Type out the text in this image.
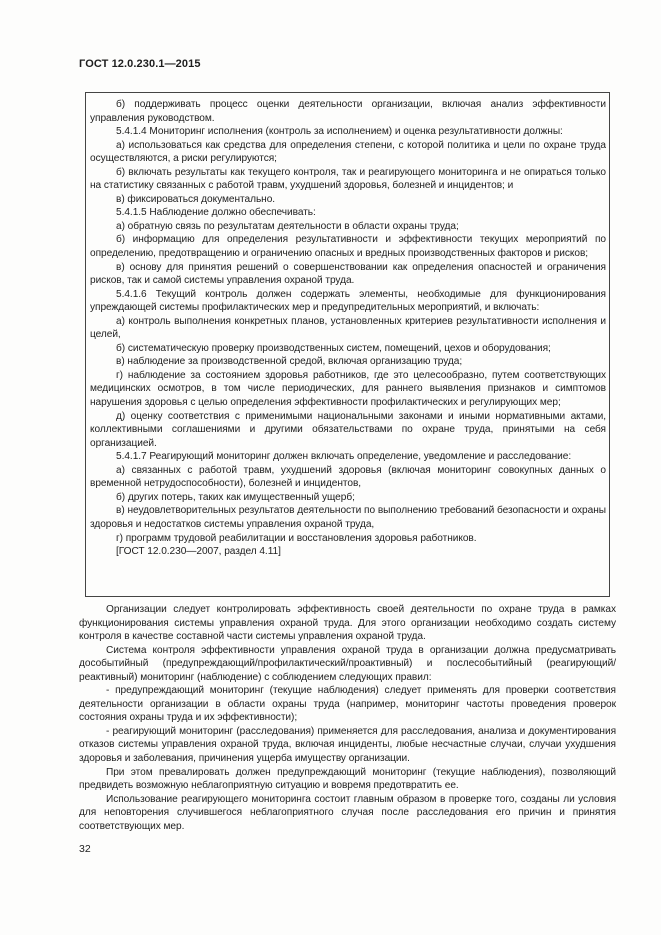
ГОСТ 12.0.230.1—2015

б) поддерживать процесс оценки деятельности организации, включая анализ эффективности управления руководством.

5.4.1.4 Мониторинг исполнения (контроль за исполнением) и оценка результативности должны:

а) использоваться как средства для определения степени, с которой политика и цели по охране труда осуществляются, а риски регулируются;

б) включать результаты как текущего контроля, так и реагирующего мониторинга и не опираться только на статистику связанных с работой травм, ухудшений здоровья, болезней и инцидентов; и

в) фиксироваться документально.

5.4.1.5 Наблюдение должно обеспечивать:

а) обратную связь по результатам деятельности в области охраны труда;

б) информацию для определения результативности и эффективности текущих мероприятий по определению, предотвращению и ограничению опасных и вредных производственных факторов и рисков;

в) основу для принятия решений о совершенствовании как определения опасностей и ограничения рисков, так и самой системы управления охраной труда.

5.4.1.6 Текущий контроль должен содержать элементы, необходимые для функционирования упреждающей системы профилактических мер и предупредительных мероприятий, и включать:

а) контроль выполнения конкретных планов, установленных критериев результативности исполнения и целей,

б) систематическую проверку производственных систем, помещений, цехов и оборудования;

в) наблюдение за производственной средой, включая организацию труда;

г) наблюдение за состоянием здоровья работников, где это целесообразно, путем соответствующих медицинских осмотров, в том числе периодических, для раннего выявления признаков и симптомов нарушения здоровья с целью определения эффективности профилактических и регулирующих мер;

д) оценку соответствия с применимыми национальными законами и иными нормативными актами, коллективными соглашениями и другими обязательствами по охране труда, принятыми на себя организацией.

5.4.1.7 Реагирующий мониторинг должен включать определение, уведомление и расследование:

а) связанных с работой травм, ухудшений здоровья (включая мониторинг совокупных данных о временной нетрудоспособности), болезней и инцидентов,

б) других потерь, таких как имущественный ущерб;

в) неудовлетворительных результатов деятельности по выполнению требований безопасности и охраны здоровья и недостатков системы управления охраной труда,

г) программ трудовой реабилитации и восстановления здоровья работников.

[ГОСТ 12.0.230—2007, раздел 4.11]

Организации следует контролировать эффективность своей деятельности по охране труда в рамках функционирования системы управления охраной труда. Для этого организации необходимо создать систему контроля в качестве составной части системы управления охраной труда.

Система контроля эффективности управления охраной труда в организации должна предусматривать дособытийный (предупреждающий/профилактический/проактивный) и послесобытийный (реагирующий/реактивный) мониторинг (наблюдение) с соблюдением следующих правил:

- предупреждающий мониторинг (текущие наблюдения) следует применять для проверки соответствия деятельности организации в области охраны труда (например, мониторинг частоты проведения проверок состояния охраны труда и их эффективности);

- реагирующий мониторинг (расследования) применяется для расследования, анализа и документирования отказов системы управления охраной труда, включая инциденты, любые несчастные случаи, случаи ухудшения здоровья и заболевания, причинения ущерба имуществу организации.

При этом превалировать должен предупреждающий мониторинг (текущие наблюдения), позволяющий предвидеть возможную неблагоприятную ситуацию и вовремя предотвратить ее.

Использование реагирующего мониторинга состоит главным образом в проверке того, созданы ли условия для неповторения случившегося неблагоприятного случая после расследования его причин и принятия соответствующих мер.

32
